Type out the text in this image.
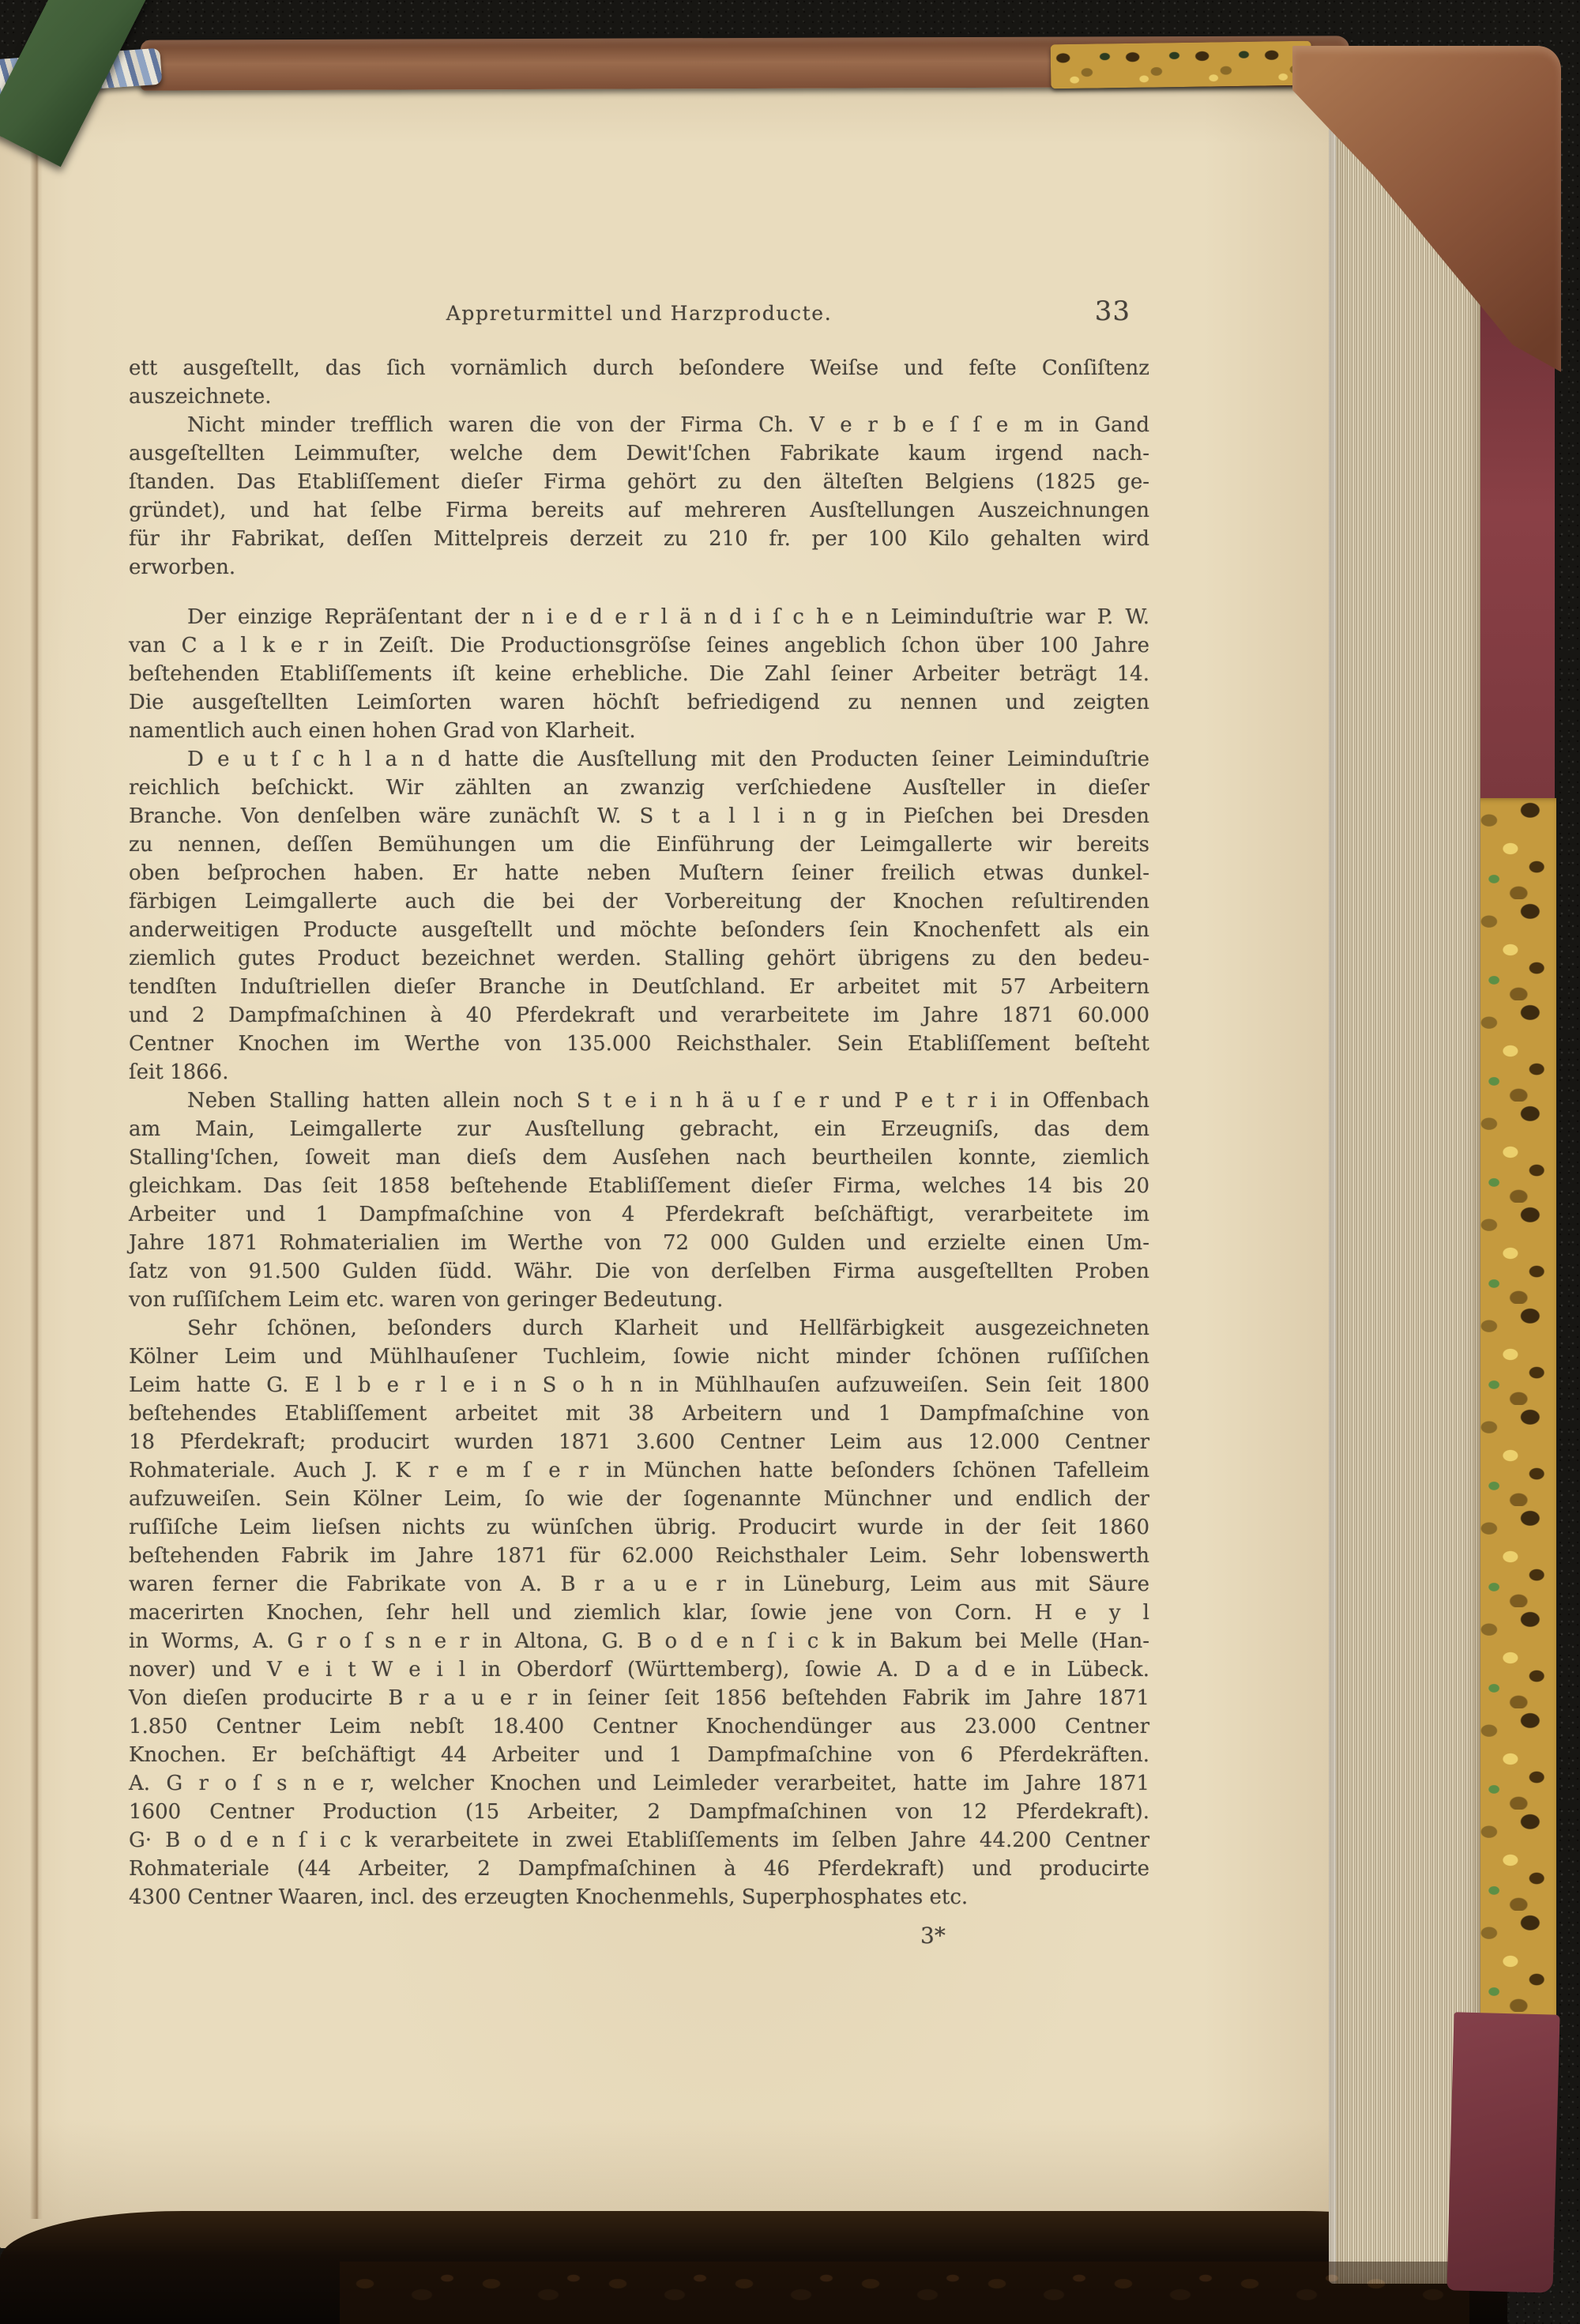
Appreturmittel und Harzproducte.	33
ett ausgeſtellt, das ſich vornämlich durch beſondere Weiſse und feſte Conſiſtenz
auszeichnete.
Nicht minder trefflich waren die von der Firma Ch. V e r b e ſ ſ e m in Gand
ausgeſtellten Leimmuſter, welche dem Dewit'ſchen Fabrikate kaum irgend nach-
ſtanden. Das Etabliſſement dieſer Firma gehört zu den älteſten Belgiens (1825 ge-
gründet), und hat ſelbe Firma bereits auf mehreren Ausſtellungen Auszeichnungen
für ihr Fabrikat, deſſen Mittelpreis derzeit zu 210 fr. per 100 Kilo gehalten wird
erworben.
Der einzige Repräſentant der n i e d e r l ä n d i ſ c h e n Leiminduſtrie war P. W.
van C a l k e r in Zeiſt. Die Productionsgröſse ſeines angeblich ſchon über 100 Jahre
beſtehenden Etabliſſements iſt keine erhebliche. Die Zahl ſeiner Arbeiter beträgt 14.
Die ausgeſtellten Leimſorten waren höchſt befriedigend zu nennen und zeigten
namentlich auch einen hohen Grad von Klarheit.
D e u t ſ c h l a n d hatte die Ausſtellung mit den Producten ſeiner Leiminduſtrie
reichlich beſchickt. Wir zählten an zwanzig verſchiedene Ausſteller in dieſer
Branche. Von denſelben wäre zunächſt W. S t a l l i n g in Pieſchen bei Dresden
zu nennen, deſſen Bemühungen um die Einführung der Leimgallerte wir bereits
oben beſprochen haben. Er hatte neben Muſtern ſeiner freilich etwas dunkel-
färbigen Leimgallerte auch die bei der Vorbereitung der Knochen reſultirenden
anderweitigen Producte ausgeſtellt und möchte beſonders ſein Knochenfett als ein
ziemlich gutes Product bezeichnet werden. Stalling gehört übrigens zu den bedeu-
tendſten Induſtriellen dieſer Branche in Deutſchland. Er arbeitet mit 57 Arbeitern
und 2 Dampfmaſchinen à 40 Pferdekraft und verarbeitete im Jahre 1871 60.000
Centner Knochen im Werthe von 135.000 Reichsthaler. Sein Etabliſſement beſteht
ſeit 1866.
Neben Stalling hatten allein noch S t e i n h ä u ſ e r und P e t r i in Offenbach
am Main, Leimgallerte zur Ausſtellung gebracht, ein Erzeugniſs, das dem
Stalling'ſchen, ſoweit man dieſs dem Ausſehen nach beurtheilen konnte, ziemlich
gleichkam. Das ſeit 1858 beſtehende Etabliſſement dieſer Firma, welches 14 bis 20
Arbeiter und 1 Dampfmaſchine von 4 Pferdekraft beſchäftigt, verarbeitete im
Jahre 1871 Rohmaterialien im Werthe von 72 000 Gulden und erzielte einen Um-
ſatz von 91.500 Gulden ſüdd. Währ. Die von derſelben Firma ausgeſtellten Proben
von ruſſiſchem Leim etc. waren von geringer Bedeutung.
Sehr ſchönen, beſonders durch Klarheit und Hellfärbigkeit ausgezeichneten
Kölner Leim und Mühlhauſener Tuchleim, ſowie nicht minder ſchönen ruſſiſchen
Leim hatte G. E l b e r l e i n S o h n in Mühlhauſen aufzuweiſen. Sein ſeit 1800
beſtehendes Etabliſſement arbeitet mit 38 Arbeitern und 1 Dampfmaſchine von
18 Pferdekraft; producirt wurden 1871 3.600 Centner Leim aus 12.000 Centner
Rohmateriale. Auch J. K r e m ſ e r in München hatte beſonders ſchönen Tafelleim
aufzuweiſen. Sein Kölner Leim, ſo wie der ſogenannte Münchner und endlich der
ruſſiſche Leim lieſsen nichts zu wünſchen übrig. Producirt wurde in der ſeit 1860
beſtehenden Fabrik im Jahre 1871 für 62.000 Reichsthaler Leim. Sehr lobenswerth
waren ferner die Fabrikate von A. B r a u e r in Lüneburg, Leim aus mit Säure
macerirten Knochen, ſehr hell und ziemlich klar, ſowie jene von Corn. H e y l
in Worms, A. G r o ſ s n e r in Altona, G. B o d e n ſ i c k in Bakum bei Melle (Han-
nover) und V e i t W e i l in Oberdorf (Württemberg), ſowie A. D a d e in Lübeck.
Von dieſen producirte B r a u e r in ſeiner ſeit 1856 beſtehden Fabrik im Jahre 1871
1.850 Centner Leim nebſt 18.400 Centner Knochendünger aus 23.000 Centner
Knochen. Er beſchäftigt 44 Arbeiter und 1 Dampfmaſchine von 6 Pferdekräften.
A. G r o ſ s n e r, welcher Knochen und Leimleder verarbeitet, hatte im Jahre 1871
1600 Centner Production (15 Arbeiter, 2 Dampfmaſchinen von 12 Pferdekraft).
G· B o d e n ſ i c k verarbeitete in zwei Etabliſſements im ſelben Jahre 44.200 Centner
Rohmateriale (44 Arbeiter, 2 Dampfmaſchinen à 46 Pferdekraft) und producirte
4300 Centner Waaren, incl. des erzeugten Knochenmehls, Superphosphates etc.
3*
